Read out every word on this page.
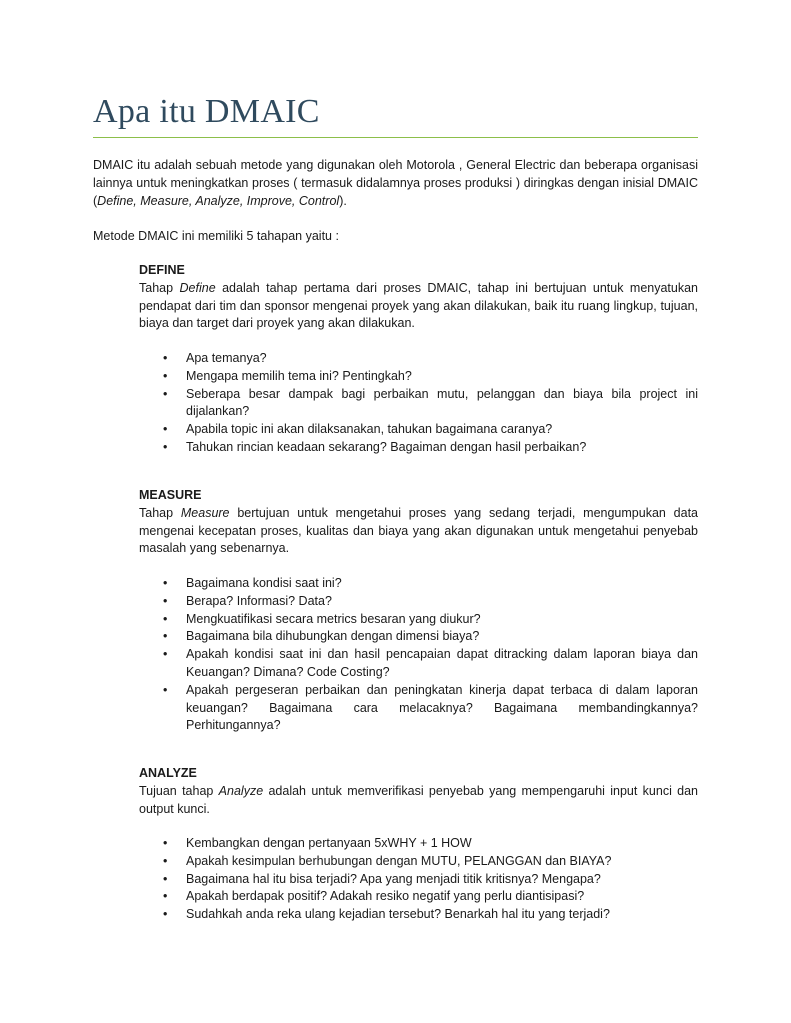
Apa itu DMAIC
DMAIC itu adalah sebuah metode yang digunakan oleh Motorola , General Electric dan beberapa organisasi lainnya untuk meningkatkan proses ( termasuk didalamnya proses produksi ) diringkas dengan inisial DMAIC (Define, Measure, Analyze, Improve, Control).
Metode DMAIC ini memiliki 5 tahapan yaitu :
DEFINE
Tahap Define adalah tahap pertama dari proses DMAIC, tahap ini bertujuan untuk menyatukan pendapat dari tim dan sponsor mengenai proyek yang akan dilakukan, baik itu ruang lingkup, tujuan, biaya dan target dari proyek yang akan dilakukan.
•	Apa temanya?
•	Mengapa memilih tema ini? Pentingkah?
•	Seberapa besar dampak bagi perbaikan mutu, pelanggan dan biaya bila project ini dijalankan?
•	Apabila topic ini akan dilaksanakan, tahukan bagaimana caranya?
•	Tahukan rincian keadaan sekarang? Bagaiman dengan hasil perbaikan?
MEASURE
Tahap Measure bertujuan untuk mengetahui proses yang sedang terjadi, mengumpukan data mengenai kecepatan proses, kualitas dan biaya yang akan digunakan untuk mengetahui penyebab masalah yang sebenarnya.
•	Bagaimana kondisi saat ini?
•	Berapa? Informasi? Data?
•	Mengkuatifikasi secara metrics besaran yang diukur?
•	Bagaimana bila dihubungkan dengan dimensi biaya?
•	Apakah kondisi saat ini dan hasil pencapaian dapat ditracking dalam laporan biaya dan Keuangan? Dimana? Code Costing?
•	Apakah pergeseran perbaikan dan peningkatan kinerja dapat terbaca di dalam laporan keuangan? Bagaimana cara melacaknya? Bagaimana membandingkannya? Perhitungannya?
ANALYZE
Tujuan tahap Analyze adalah untuk memverifikasi penyebab yang mempengaruhi input kunci dan output kunci.
•	Kembangkan dengan pertanyaan 5xWHY + 1 HOW
•	Apakah kesimpulan berhubungan dengan MUTU, PELANGGAN dan BIAYA?
•	Bagaimana hal itu bisa terjadi? Apa yang menjadi titik kritisnya? Mengapa?
•	Apakah berdapak positif? Adakah resiko negatif yang perlu diantisipasi?
•	Sudahkah anda reka ulang kejadian tersebut? Benarkah hal itu yang terjadi?
